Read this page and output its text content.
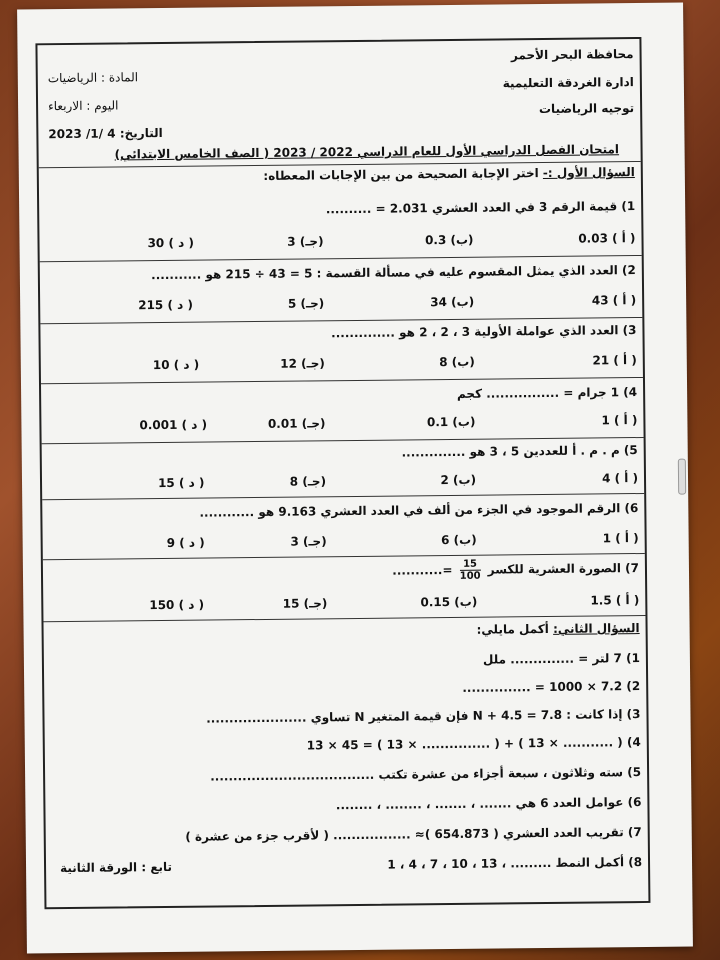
محافظة البحر الأحمر
ادارة الغردقة التعليمية
توجيه الرياضيات
المادة : الرياضيات
اليوم : الاربعاء
التاريخ: 4 /1/ 2023
امتحان الفصل الدراسي الأول للعام الدراسي 2022 / 2023 ( الصف الخامس الابتدائي)
السؤال الأول :- اختر الإجابة الصحيحة من بين الإجابات المعطاه:
1) قيمة الرقم 3 في العدد العشري 2.031 = ..........
( أ ) 0.03
(ب) 0.3
(جـ) 3
( د ) 30
2) العدد الذي يمثل المقسوم عليه في مسألة القسمة : 5 = 43 ÷ 215 هو ...........
( أ ) 43
(ب) 34
(جـ) 5
( د ) 215
3) العدد الذي عواملة الأولية 3 ، 2 ، 2 هو ..............
( أ ) 21
(ب) 8
(جـ) 12
( د ) 10
4) 1 جرام = ................ كجم
( أ ) 1
(ب) 0.1
(جـ) 0.01
( د ) 0.001
5) م . م . أ للعددين 5 ، 3 هو ..............
( أ ) 4
(ب) 2
(جـ) 8
( د ) 15
6) الرقم الموجود في الجزء من ألف في العدد العشري 9.163 هو ............
( أ ) 1
(ب) 6
(جـ) 3
( د ) 9
7) الصورة العشرية للكسر
$\frac{15}{100}$
=...........
( أ ) 1.5
(ب) 0.15
(جـ) 15
( د ) 150
السؤال الثاني: أكمل مايلي:
1) 7 لتر = .............. ملل
2) 7.2 × 1000 = ...............
3) إذا كانت : 7.8 = N + 4.5 فإن قيمة المتغير N تساوي ......................
4) ( ........... × 13 ) + ( ............... × 13 ) = 45 × 13
5) سته وثلاثون ، سبعة أجزاء من عشرة تكتب ....................................
6) عوامل العدد 6 هي ....... ، ....... ، ........ ، ........
7) تقريب العدد العشري ( 654.873 )≈ ................. ( لأقرب جزء من عشرة )
8) أكمل النمط ......... ، 13 ، 10 ، 7 ، 4 ، 1
تابع : الورقة الثانية
